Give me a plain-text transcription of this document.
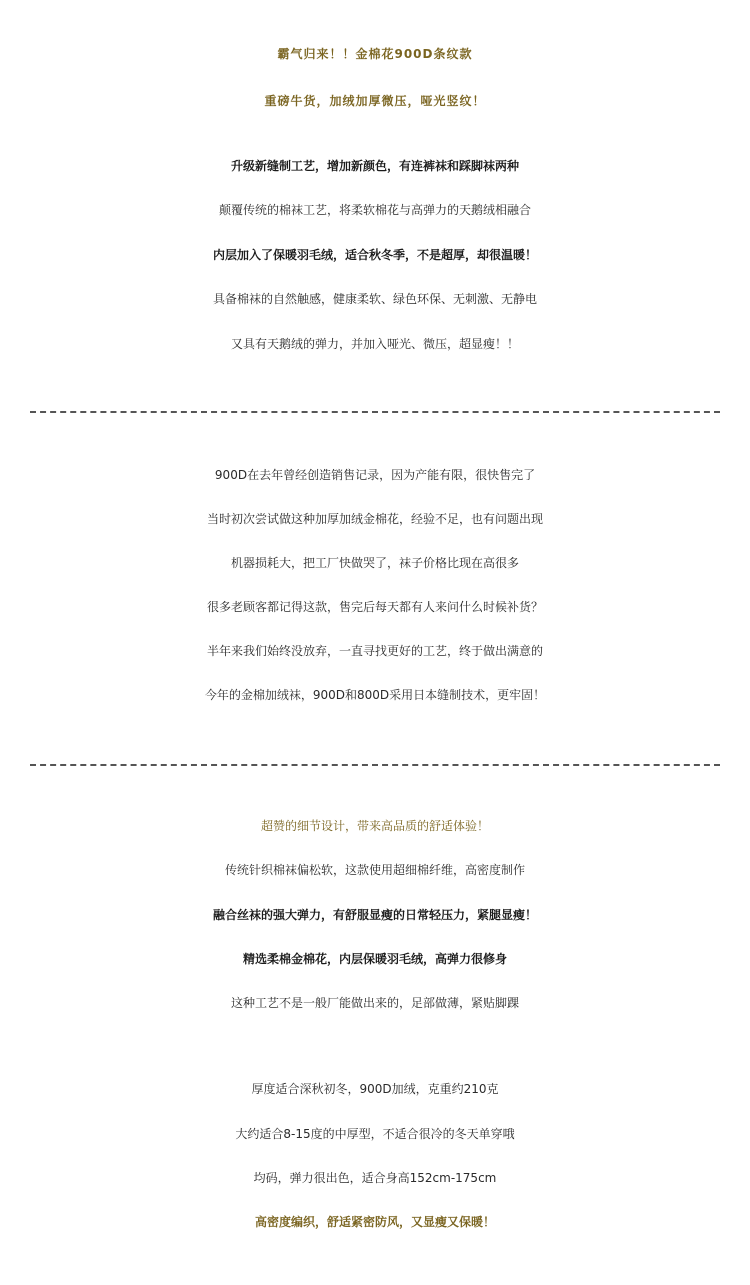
霸气归来！！金棉花900D条纹款

重磅牛货，加绒加厚微压，哑光竖纹！

升级新缝制工艺，增加新颜色，有连裤袜和踩脚袜两种

颠覆传统的棉袜工艺，将柔软棉花与高弹力的天鹅绒相融合

内层加入了保暖羽毛绒，适合秋冬季，不是超厚，却很温暖！

具备棉袜的自然触感，健康柔软、绿色环保、无刺激、无静电

又具有天鹅绒的弹力，并加入哑光、微压，超显瘦！！

900D在去年曾经创造销售记录，因为产能有限，很快售完了

当时初次尝试做这种加厚加绒金棉花，经验不足，也有问题出现

机器损耗大，把工厂快做哭了，袜子价格比现在高很多

很多老顾客都记得这款，售完后每天都有人来问什么时候补货？

半年来我们始终没放弃，一直寻找更好的工艺，终于做出满意的

今年的金棉加绒袜，900D和800D采用日本缝制技术，更牢固！

超赞的细节设计，带来高品质的舒适体验！

传统针织棉袜偏松软，这款使用超细棉纤维，高密度制作

融合丝袜的强大弹力，有舒服显瘦的日常轻压力，紧腿显瘦！

精选柔棉金棉花，内层保暖羽毛绒，高弹力很修身

这种工艺不是一般厂能做出来的，足部做薄，紧贴脚踝

厚度适合深秋初冬，900D加绒，克重约210克

大约适合8-15度的中厚型，不适合很冷的冬天单穿哦

均码，弹力很出色，适合身高152cm-175cm

高密度编织，舒适紧密防风，又显瘦又保暖！
